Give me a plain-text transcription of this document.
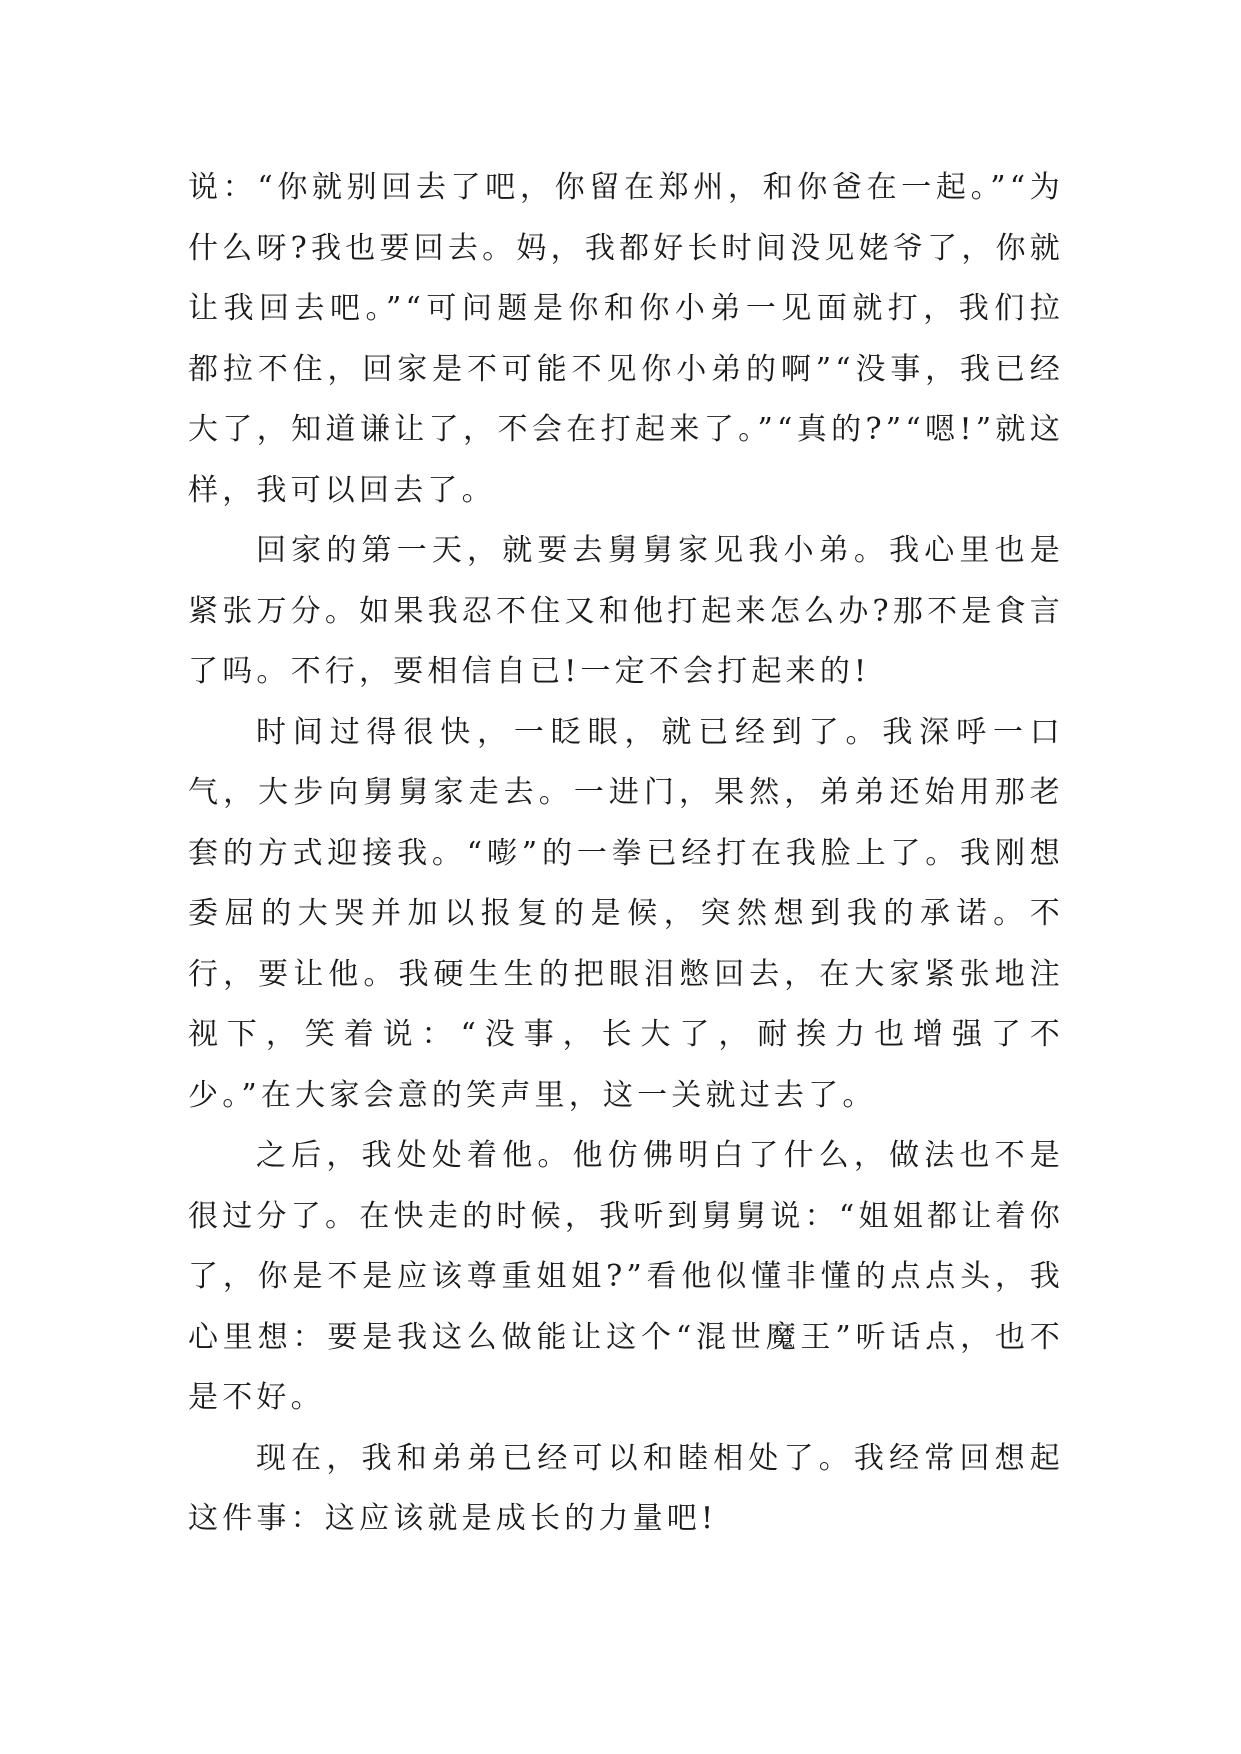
说：“你就别回去了吧，你留在郑州，和你爸在一起。”“为什么呀?我也要回去。妈，我都好长时间没见姥爷了，你就让我回去吧。”“可问题是你和你小弟一见面就打，我们拉都拉不住，回家是不可能不见你小弟的啊”“没事，我已经大了，知道谦让了，不会在打起来了。”“真的?”“嗯!”就这样，我可以回去了。

回家的第一天，就要去舅舅家见我小弟。我心里也是紧张万分。如果我忍不住又和他打起来怎么办?那不是食言了吗。不行，要相信自已!一定不会打起来的!

时间过得很快，一眨眼，就已经到了。我深呼一口气，大步向舅舅家走去。一进门，果然，弟弟还始用那老套的方式迎接我。“嘭”的一拳已经打在我脸上了。我刚想委屈的大哭并加以报复的是候，突然想到我的承诺。不行，要让他。我硬生生的把眼泪憋回去，在大家紧张地注视下，笑着说：“没事，长大了，耐挨力也增强了不少。”在大家会意的笑声里，这一关就过去了。

之后，我处处着他。他仿佛明白了什么，做法也不是很过分了。在快走的时候，我听到舅舅说：“姐姐都让着你了，你是不是应该尊重姐姐?”看他似懂非懂的点点头，我心里想：要是我这么做能让这个“混世魔王”听话点，也不是不好。

现在，我和弟弟已经可以和睦相处了。我经常回想起这件事：这应该就是成长的力量吧!
